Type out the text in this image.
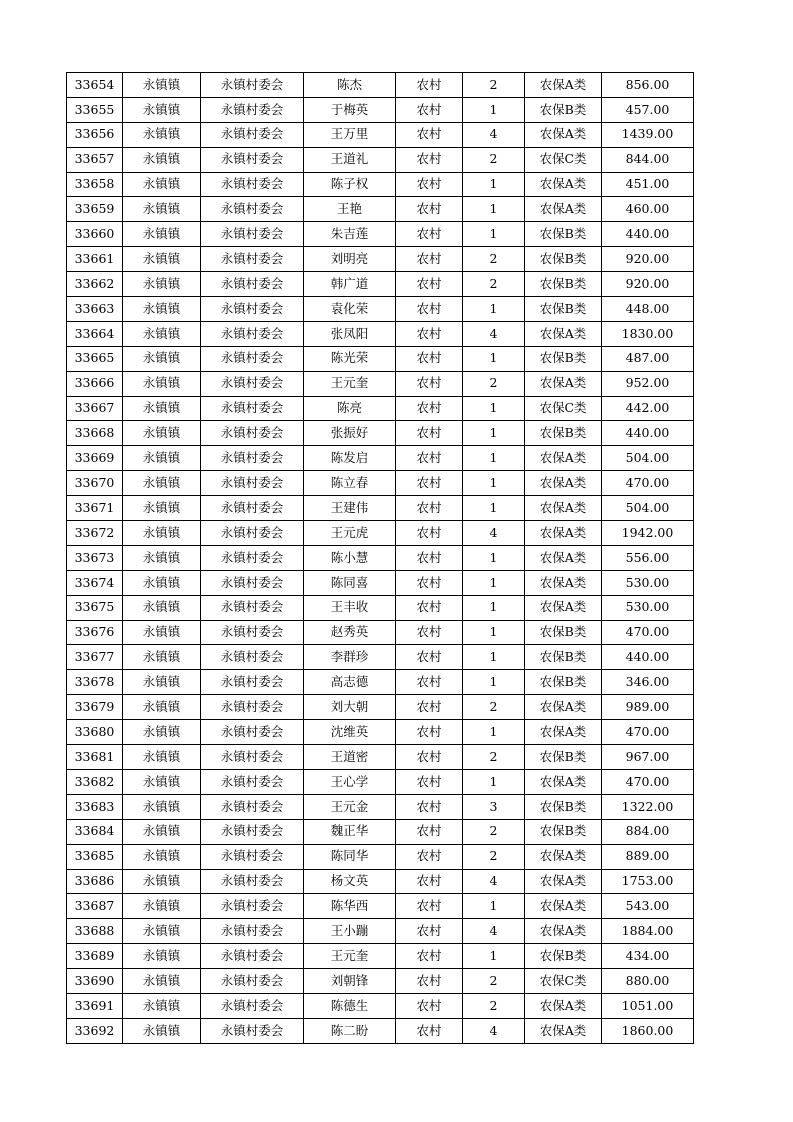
33654	永镇镇	永镇村委会	陈杰	农村	2	农保A类	856.00
33655	永镇镇	永镇村委会	于梅英	农村	1	农保B类	457.00
33656	永镇镇	永镇村委会	王万里	农村	4	农保A类	1439.00
33657	永镇镇	永镇村委会	王道礼	农村	2	农保C类	844.00
33658	永镇镇	永镇村委会	陈子权	农村	1	农保A类	451.00
33659	永镇镇	永镇村委会	王艳	农村	1	农保A类	460.00
33660	永镇镇	永镇村委会	朱吉莲	农村	1	农保B类	440.00
33661	永镇镇	永镇村委会	刘明亮	农村	2	农保B类	920.00
33662	永镇镇	永镇村委会	韩广道	农村	2	农保B类	920.00
33663	永镇镇	永镇村委会	袁化荣	农村	1	农保B类	448.00
33664	永镇镇	永镇村委会	张凤阳	农村	4	农保A类	1830.00
33665	永镇镇	永镇村委会	陈光荣	农村	1	农保B类	487.00
33666	永镇镇	永镇村委会	王元奎	农村	2	农保A类	952.00
33667	永镇镇	永镇村委会	陈亮	农村	1	农保C类	442.00
33668	永镇镇	永镇村委会	张振好	农村	1	农保B类	440.00
33669	永镇镇	永镇村委会	陈发启	农村	1	农保A类	504.00
33670	永镇镇	永镇村委会	陈立春	农村	1	农保A类	470.00
33671	永镇镇	永镇村委会	王建伟	农村	1	农保A类	504.00
33672	永镇镇	永镇村委会	王元虎	农村	4	农保A类	1942.00
33673	永镇镇	永镇村委会	陈小慧	农村	1	农保A类	556.00
33674	永镇镇	永镇村委会	陈同喜	农村	1	农保A类	530.00
33675	永镇镇	永镇村委会	王丰收	农村	1	农保A类	530.00
33676	永镇镇	永镇村委会	赵秀英	农村	1	农保B类	470.00
33677	永镇镇	永镇村委会	李群珍	农村	1	农保B类	440.00
33678	永镇镇	永镇村委会	高志德	农村	1	农保B类	346.00
33679	永镇镇	永镇村委会	刘大朝	农村	2	农保A类	989.00
33680	永镇镇	永镇村委会	沈维英	农村	1	农保A类	470.00
33681	永镇镇	永镇村委会	王道密	农村	2	农保B类	967.00
33682	永镇镇	永镇村委会	王心学	农村	1	农保A类	470.00
33683	永镇镇	永镇村委会	王元金	农村	3	农保B类	1322.00
33684	永镇镇	永镇村委会	魏正华	农村	2	农保B类	884.00
33685	永镇镇	永镇村委会	陈同华	农村	2	农保A类	889.00
33686	永镇镇	永镇村委会	杨文英	农村	4	农保A类	1753.00
33687	永镇镇	永镇村委会	陈华西	农村	1	农保A类	543.00
33688	永镇镇	永镇村委会	王小蹦	农村	4	农保A类	1884.00
33689	永镇镇	永镇村委会	王元奎	农村	1	农保B类	434.00
33690	永镇镇	永镇村委会	刘朝锋	农村	2	农保C类	880.00
33691	永镇镇	永镇村委会	陈德生	农村	2	农保A类	1051.00
33692	永镇镇	永镇村委会	陈二盼	农村	4	农保A类	1860.00
